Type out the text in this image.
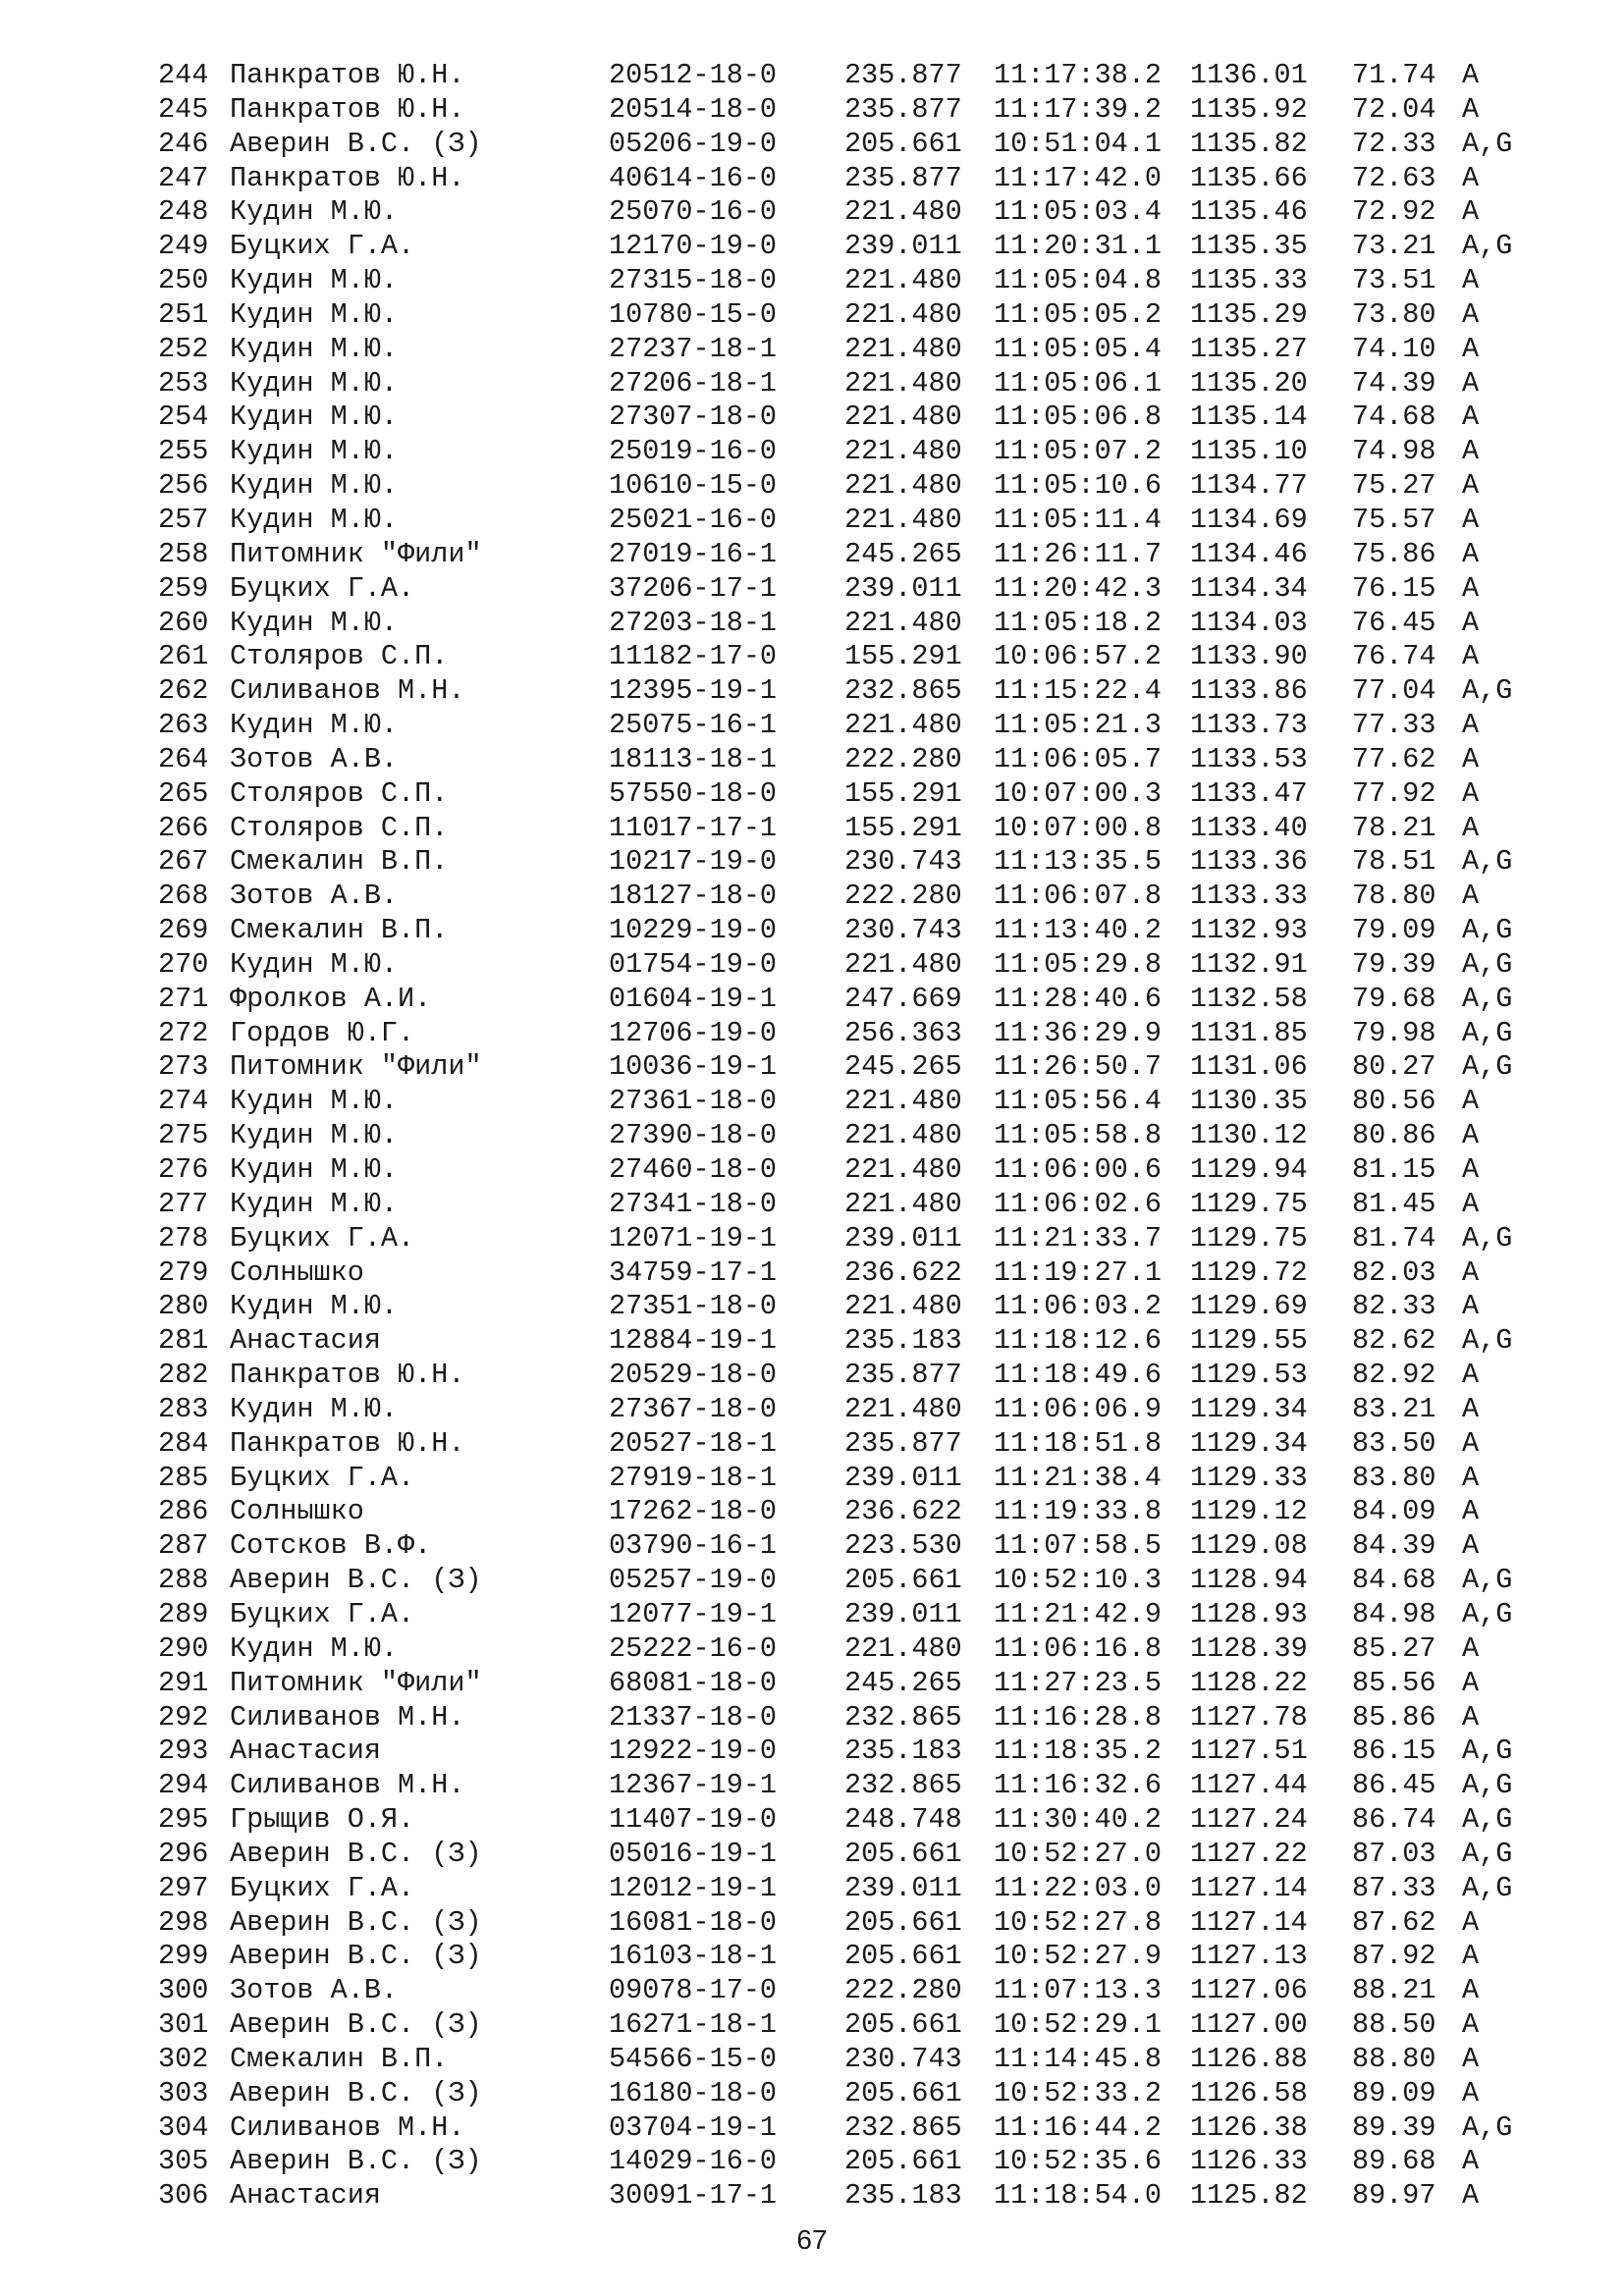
244 Панкратов Ю.Н.	20512-18-0 235.877 11:17:38.2 1136.01 71.74 A
245 Панкратов Ю.Н.	20514-18-0 235.877 11:17:39.2 1135.92 72.04 A
246 Аверин В.С. (З)	05206-19-0 205.661 10:51:04.1 1135.82 72.33 A,G
247 Панкратов Ю.Н.	40614-16-0 235.877 11:17:42.0 1135.66 72.63 A
248 Кудин М.Ю.	25070-16-0 221.480 11:05:03.4 1135.46 72.92 A
249 Буцких Г.А.	12170-19-0 239.011 11:20:31.1 1135.35 73.21 A,G
250 Кудин М.Ю.	27315-18-0 221.480 11:05:04.8 1135.33 73.51 A
251 Кудин М.Ю.	10780-15-0 221.480 11:05:05.2 1135.29 73.80 A
252 Кудин М.Ю.	27237-18-1 221.480 11:05:05.4 1135.27 74.10 A
253 Кудин М.Ю.	27206-18-1 221.480 11:05:06.1 1135.20 74.39 A
254 Кудин М.Ю.	27307-18-0 221.480 11:05:06.8 1135.14 74.68 A
255 Кудин М.Ю.	25019-16-0 221.480 11:05:07.2 1135.10 74.98 A
256 Кудин М.Ю.	10610-15-0 221.480 11:05:10.6 1134.77 75.27 A
257 Кудин М.Ю.	25021-16-0 221.480 11:05:11.4 1134.69 75.57 A
258 Питомник "Фили"	27019-16-1 245.265 11:26:11.7 1134.46 75.86 A
259 Буцких Г.А.	37206-17-1 239.011 11:20:42.3 1134.34 76.15 A
260 Кудин М.Ю.	27203-18-1 221.480 11:05:18.2 1134.03 76.45 A
261 Столяров С.П.	11182-17-0 155.291 10:06:57.2 1133.90 76.74 A
262 Силиванов М.Н.	12395-19-1 232.865 11:15:22.4 1133.86 77.04 A,G
263 Кудин М.Ю.	25075-16-1 221.480 11:05:21.3 1133.73 77.33 A
264 Зотов А.В.	18113-18-1 222.280 11:06:05.7 1133.53 77.62 A
265 Столяров С.П.	57550-18-0 155.291 10:07:00.3 1133.47 77.92 A
266 Столяров С.П.	11017-17-1 155.291 10:07:00.8 1133.40 78.21 A
267 Смекалин В.П.	10217-19-0 230.743 11:13:35.5 1133.36 78.51 A,G
268 Зотов А.В.	18127-18-0 222.280 11:06:07.8 1133.33 78.80 A
269 Смекалин В.П.	10229-19-0 230.743 11:13:40.2 1132.93 79.09 A,G
270 Кудин М.Ю.	01754-19-0 221.480 11:05:29.8 1132.91 79.39 A,G
271 Фролков А.И.	01604-19-1 247.669 11:28:40.6 1132.58 79.68 A,G
272 Гордов Ю.Г.	12706-19-0 256.363 11:36:29.9 1131.85 79.98 A,G
273 Питомник "Фили"	10036-19-1 245.265 11:26:50.7 1131.06 80.27 A,G
274 Кудин М.Ю.	27361-18-0 221.480 11:05:56.4 1130.35 80.56 A
275 Кудин М.Ю.	27390-18-0 221.480 11:05:58.8 1130.12 80.86 A
276 Кудин М.Ю.	27460-18-0 221.480 11:06:00.6 1129.94 81.15 A
277 Кудин М.Ю.	27341-18-0 221.480 11:06:02.6 1129.75 81.45 A
278 Буцких Г.А.	12071-19-1 239.011 11:21:33.7 1129.75 81.74 A,G
279 Солнышко	34759-17-1 236.622 11:19:27.1 1129.72 82.03 A
280 Кудин М.Ю.	27351-18-0 221.480 11:06:03.2 1129.69 82.33 A
281 Анастасия	12884-19-1 235.183 11:18:12.6 1129.55 82.62 A,G
282 Панкратов Ю.Н.	20529-18-0 235.877 11:18:49.6 1129.53 82.92 A
283 Кудин М.Ю.	27367-18-0 221.480 11:06:06.9 1129.34 83.21 A
284 Панкратов Ю.Н.	20527-18-1 235.877 11:18:51.8 1129.34 83.50 A
285 Буцких Г.А.	27919-18-1 239.011 11:21:38.4 1129.33 83.80 A
286 Солнышко	17262-18-0 236.622 11:19:33.8 1129.12 84.09 A
287 Сотсков В.Ф.	03790-16-1 223.530 11:07:58.5 1129.08 84.39 A
288 Аверин В.С. (З)	05257-19-0 205.661 10:52:10.3 1128.94 84.68 A,G
289 Буцких Г.А.	12077-19-1 239.011 11:21:42.9 1128.93 84.98 A,G
290 Кудин М.Ю.	25222-16-0 221.480 11:06:16.8 1128.39 85.27 A
291 Питомник "Фили"	68081-18-0 245.265 11:27:23.5 1128.22 85.56 A
292 Силиванов М.Н.	21337-18-0 232.865 11:16:28.8 1127.78 85.86 A
293 Анастасия	12922-19-0 235.183 11:18:35.2 1127.51 86.15 A,G
294 Силиванов М.Н.	12367-19-1 232.865 11:16:32.6 1127.44 86.45 A,G
295 Грыщив О.Я.	11407-19-0 248.748 11:30:40.2 1127.24 86.74 A,G
296 Аверин В.С. (З)	05016-19-1 205.661 10:52:27.0 1127.22 87.03 A,G
297 Буцких Г.А.	12012-19-1 239.011 11:22:03.0 1127.14 87.33 A,G
298 Аверин В.С. (З)	16081-18-0 205.661 10:52:27.8 1127.14 87.62 A
299 Аверин В.С. (З)	16103-18-1 205.661 10:52:27.9 1127.13 87.92 A
300 Зотов А.В.	09078-17-0 222.280 11:07:13.3 1127.06 88.21 A
301 Аверин В.С. (З)	16271-18-1 205.661 10:52:29.1 1127.00 88.50 A
302 Смекалин В.П.	54566-15-0 230.743 11:14:45.8 1126.88 88.80 A
303 Аверин В.С. (З)	16180-18-0 205.661 10:52:33.2 1126.58 89.09 A
304 Силиванов М.Н.	03704-19-1 232.865 11:16:44.2 1126.38 89.39 A,G
305 Аверин В.С. (З)	14029-16-0 205.661 10:52:35.6 1126.33 89.68 A
306 Анастасия	30091-17-1 235.183 11:18:54.0 1125.82 89.97 A
67
